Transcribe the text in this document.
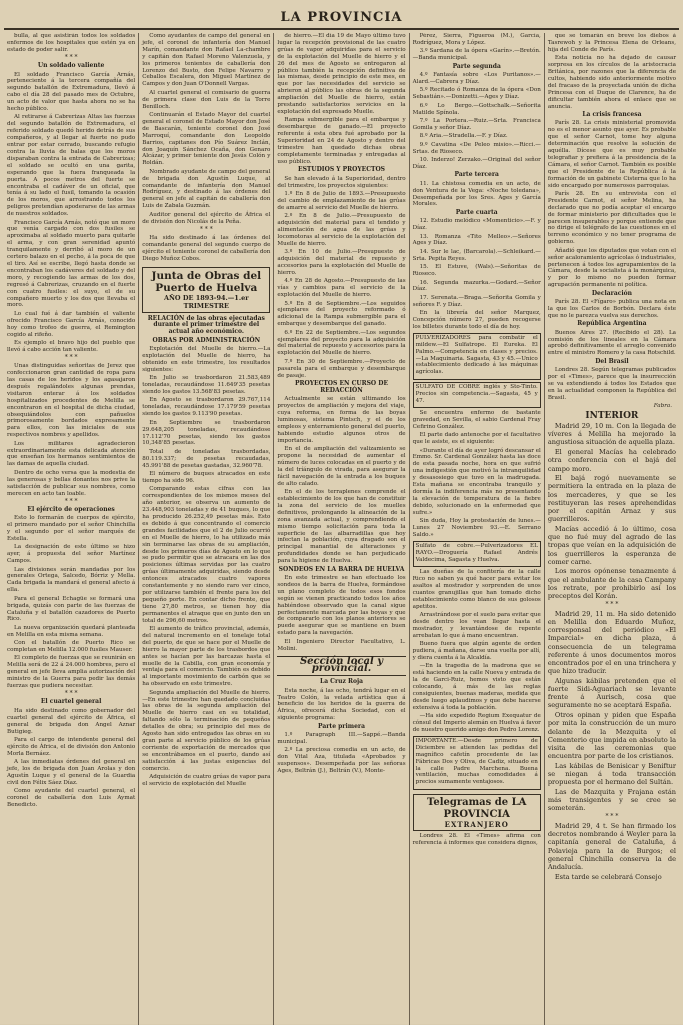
LA PROVINCIA

bulla, al que asistirán todos los soldados enfermos de los hospitales que estén ya en estado de poder salir.

* * *

Un soldado valiente

El soldado Francisco García Arnás, perteneciente á la tercera compañía del segundo batallón de Extremadura, llevó á cabo el día 28 del pasado mes de Octubre, un acto de valor que hasta ahora no se ha hecho público.

Al retirarse á Cabrerizas Altas las fuerzas del segundo batallón de Extremadura, el referido soldado quedó herido detrás de sus compañeros, y al llegar al fuerte no pudo entrar por estar cerrado, buscando refugio contra la lluvia de balas que los moros disparaban contra la entrada de Cabrerizas; el soldado se ocultó en una garita, esperando que la fuera franqueada la puerta. A pocos metros del fuerte se encontraba el cadáver de un oficial, que tenía á su lado el fusil, tomando la ocasión de los moros, que arrostrando todos los peligros pretendían apoderarse de las armas de nuestros soldados.

Francisco García Arnás, notó que un moro que venía cargado con dos fusiles se aproximaba al soldado muerto para quitarle el arma, y con gran serenidad apuntó tranquilamente y derribó al moro de un certero balazo en el pecho, á la poca de que el tiro. Así se escribe, llegó hasta donde se encontraban los cadáveres del soldado y del moro, y recogiendo las armas de los dos, regresó á Cabrerizas, cruzando en el fuerte con cuatro fusiles: el suyo, el de su compañero muerto y los dos que llevaba el moro.

Lo cual fué á dar también el valiente ofrecido Francisco García Arnás, conocido hoy como trofeo de guerra, el Remington cogido al rifeño.

Es ejemplo el bravo hijo del pueblo que llevó á cabo acción tan valiente.

* * *

Unas distinguidas señoritas de Jerez que confeccionaron gran cantidad de ropa para las casas de los heridos y los agasajaron después regalándoles algunas prendas, visitaron enterar á los soldados hospitalizados procedentes de Melilla se encontraron en el hospital de dicha ciudad, obsequiándolos con pañuelos primorosamente bordados expresamente para ellos, con las iniciales de sus respectivos nombres y apellidos.

Los militares agradecieron extraordinariamente esta delicada atención que enseñan los hermanos sentimientos de las damas de aquella ciudad.

Dentro de ocho versa que la modestia de las generosas y bellas donantes nos prive la satisfacción de publicar sus nombres, como merecen en acto tan loable.

* * *

El ejército de operaciones

Esto lo formarán de cuerpos de ejército, el primero mandado por el señor Chinchilla y el segundo por el señor marqués de Estella.

La designación de este último se hizo ayer, á propuesta del señor Martínez Campos.

Las divisiones serán mandadas por los generales Ortega, Salcedo, Bórriz y Mella. Cada brigada la mandará el general afecto á ella.

Para el general Echagüe se formará una brigada, quizás con parte de las fuerzas de Cataluña y el batallón cazadores de Puerto Rico.

La nueva organización quedará planteada en Melilla en esta misma semana.

Con el batallón de Puerto Rico se completan en Melilla 12.000 fusiles Mauser.

El completo de fuerzas que se reunirán en Melilla será de 22 á 24.000 hombres, pero el general en jefe lleva amplia autorización del ministro de la Guerra para pedir las demás fuerzas que pudiera necesitar.

* * *

El cuartel general

Ha sido destinado como gobernador del cuartel general del ejército de África, el general de brigada don Angel Aznar Butigieg.

Para el cargo de intendente general del ejército de África, el de división don Antonio Morla Bernáez.

A las inmediatas órdenes del general en jefe, los de brigada don Juan Arolas y don Agustín Luque y el general de la Guardia civil don Félix Sáez Díaz.

Como ayudante del cuartel general, el coronel de caballería don Luis Aymat Benedicto.

Como ayudantes de campo del general en jefe, el coronel de infantería don Manuel Marín, comandante don Rafael La-chambre y capitán don Rafael Moreno Valenzuela, y los primeros tenientes de caballería don Lorenzo del Busto, don Felipe Navarro y Ceballos Escalera, don Miguel Martínez de Campos y don Juan O'Donnell Vargas.

Al cuartel general el comisario de guerra de primera clase don Luis de la Torre Benilloch.

Continuarán el Estado Mayor del cuartel general el coronel de Estado Mayor don José de Bascarán, teniente coronel don José Marroquí, comandante don Leopoldo Barrios, capitanes don Pío Suárez Inclán, don Joaquín Sánchez Ocaña, don Genaro Alcázar, y primer teniente don Jesús Colón y Roldán.

Nombrado ayudante de campo del general de brigada don Agustín Luque, al comandante de infantería don Manuel Rodríguez, y destinado á las órdenes del general en jefe al capitán de caballería don Luis de Zabala Guzmán.

Auditor general del ejército de África el de división don Nicolás de la Peña.

* * *

Ha sido destinado á las órdenes del comandante general del segundo cuerpo de ejército el teniente coronel de caballería don Diego Muñoz Cobos.

Junta de Obras del Puerto de Huelva
AÑO DE 1893-94.—1.er TRIMESTRE

RELACIÓN de las obras ejecutadas durante el primer trimestre del actual año económico.

OBRAS POR ADMINISTRACIÓN

Explotación del Muelle de hierro.—La explotación del Muelle de hierro, ha obtenido en este trimestre, los resultados siguientes:

En Julio se trasbordaron 21.583,489 toneladas, recaudándose 11.649'35 pesetas siendo los gastos 13.568'83 pesetas.

En Agosto se trasbordaron 29.767,114 toneladas, recaudándose 17.179'59 pesetas siendo los gastos 9.113'90 pesetas.

En Septiembre se trasbordaron 29.648,205 toneladas, recaudándose 17.112'70 pesetas, siendo los gastos 10,348'85 pesetas.

Total de toneladas trasbordadas, 80.119.337; de pesetas recaudadas, 45.991'88 de pesetas gastadas, 32.960'78.

El número de buques atracados en este tiempo ha sido 96.

Comparando estas cifras con las correspondientes de los mismos meses del año anterior, se observa un aumento de 23.448,903 toneladas y de 41 buques, lo que ha producido 26.252,49 pesetas más. Esto es debido á que concentrando el comercio grandes facilidades que el 2 de Julio ocurrió en el Muelle de hierro, lo ha utilizado más sin terminarse las obras de su ampliación, desde los primeros días de Agosto en lo que se pudo permitir que se atracara en las dos posiciones últimas servidas por las cuatro grúas últimamente adquiridas, siendo desde entonces atracados cuatro vapores constantemente y no siendo raro ver cinco, por utilizarse también el frente para los del pequeño porte. En contar dicho frente, que tiene 27,80 metros, se tienen hoy día permanentes el atraque que en junto den un total de 296,60 metros.

El aumento de tráfico provincial, además, del natural incremento en el tonelaje total del puerto, de que se hace por el Muelle de hierro la mayor parte de los trasbordos que antes se hacían por las barcazas hasta el muelle de la Cabilla, con gran economía y ventaja para el comercio. También es debido al importante movimiento de carbón que se ha observado en este trimestre.

Segunda ampliación del Muelle de hierro.—En este trimestre han quedado concluidas las obras de la segunda ampliación del Muelle de hierro casi en su totalidad, faltando sólo la terminación de pequeños detalles de obra; su principio del mes de Agosto han sido entregados las obras en su gran parte al servicio público de los grúas corriente de exportación de mercados que se encontrábamos en el puerto, dando así satisfacción á las justas exigencias del comercio.

Adquisición de cuatro grúas de vapor para el servicio de explotación del Muelle

de hierro.—El día 19 de Mayo último tuvo lugar la recepción provisional de las cuatro grúas de vapor adquiridas para el servicio de la explotación del Muelle de hierro y el 26 del mes de Agosto se entregaron al público también la recepción definitiva de las mismas, desde principio de este mes, en que por las necesidades del servicio se abrieron al público las obras de la segunda ampliación del Muelle de hierro, están prestando satisfactorios servicios en la explotación del expresado Muelle.

Rampa submergible para el embarque y desembarque de ganado.—El proyecto referente á esta obra fué aprobado por la Superioridad en 24 de Agosto y dentro del trimestre han quedado dichas obras completamente terminadas y entregadas al uso público.

ESTUDIOS Y PROYECTOS

Se han elevado á la Superioridad, dentro del trimestre, los proyectos siguientes:

1.º En 8 de Julio de 1893.—Presupuesto del cambio de emplazamiento de las grúas de amarre al servicio del Muelle de hierro.

2.º En 8 de Julio.—Presupuesto de adquisición del material para el tendido y alimentación de agua de las grúas y locomotoras al servicio de la explotación del Muelle de hierro.

3.º En 10 de Julio.—Presupuesto de adquisición del material de repuesto y accesorios para la explotación del Muelle de hierro.

4.º En 28 de Agosto.—Presupuesto de las vías y cambios para el servicio de la explotación del Muelle de hierro.

5.º En 8 de Septiembre.—Los seguidos ejemplares del proyecto reformado ó adicional de la Rampa submergible para el embarque y desembarque del ganado.

6.º En 22 de Septiembre.—Los segundos ejemplares del proyecto para la adquisición del material de repuesto y accesorios para la explotación del Muelle de hierro.

7.º En 30 de Septiembre.—Proyecto de pasarela para el embarque y desembarque de pasaje.

PROYECTOS EN CURSO DE REDACCIÓN

Actualmente se están ultimando los proyectos de ampliación y mejora del viaje, cuya reforma, en forma de las boyas luminosas, sistema Pintsch, y el de los empleos y enterramiento general del puerto, habiendo estudio algunos otros de importancia.

En el de ampliación del valizamiento se propone la necesidad de aumentar el número de luces colocadas en el puerto y de la del tríángulo de virada, para asegurar la fácil navegación de la entrada a los buques de alto calado.

En el de los terraplenes comprende el establecimiento de los que han de constituir la zona del servicio de los muelles definitivos, prolongando la alineación de la zona avanzada actual, y comprendiendo el mismo tiempo solicitación para toda la superficie de las albarradillas que hoy infectan la población, cuya dragado son el principal manantial de alteraciones y profundidades donde se han perjudicado para la higiene de Huelva.

SONDEOS EN LA BARRA DE HUELVA

En este trimestre se han efectuado los sondeos de la barra de Huelva, formándose un plano completo de todos esos fondos según se vienen practicando todos los años habiéndose observado que la canal sigue perfectamente marcada por las boyas y que de compararlo con los planos anteriores se puede asegurar que se mantiene en buen estado para la navegación.

El Ingeniero Director Facultativo, L. Molini.

Sección local y provincial.

La Cruz Roja

Esta noche, á las ocho, tendrá lugar en el Teatro Colón, la velada artística que á beneficio de los heridos de la guerra de África, ofrecerá dicha Sociedad, con el siguiente programa:

Parte primera

1.º Paragraph III.—Sappé.—Banda municipal.

2.º La preciosa comedia en un acto, de don Vital Aza, titulada «Aprobados y suspensos». Desempeñada por las señoras Ages, Beltrán (J.), Beltrán (V.), Monte-

Pérez, Sierra, Figueroa (M.), García, Rodríguez, Mora y López.

3.º Sardana de la ópera «Garín».—Bretón.—Banda municipal.

Parte segunda

4.º Fantasía sobre «Los Puritanos».—Alard.—Cabrera y Díaz.

5.º Recitado ó Romanza de la ópera «Don Sebastián».—Donizetti.—Ages y Díaz.

6.º Lo Bergo.—Gottschalk.—Señorita Matilde Spínola.

7.º La Portera.—Ruiz.—Srta. Francisca Gomila y señor Díaz.

8.º Aria.—Stradella.—F. y Díaz.

9.º Cavatina «De Peleo misio».—Ricci.—Srtas. de Rioseco.

10. Inderzo! Zerzako.—Original del señor Díaz.

Parte tercera

11. La chistosa comedia en un acto, de don Ventura de la Vega: «Noche toledana», Desempeñada por los Sres. Ages y García Morales.

Parte cuarta

12. Estudio melódico «Momenticio».—F. y Díaz.

13. Romanza «Tito Melleo».—Señores Ages y Díaz.

14. Sur le lac, (Barcarola).—Schleikard.—Srta. Pepita Reyes.

15. El Estuve, (Wals).—Señoritas de Rioseco.

16. Segunda mazurka.—Godard.—Señor Díaz.

17. Serenata.—Braga.—Señorita Gomila y señores F. y Díaz.

En la librería del señor Marquez, Concepción número 27, pueden recogerse los billetes durante todo el día de hoy.

PULVERIZADORES para combatir el mildew.—El Sulfatrope. El Eureka. El Palmo.—Competencia en clases y precios.—La Maquinaria. Sagasta, 43 y 45.—Unico establecimiento dedicado á las máquinas agrícolas.

SULFATO DE COBRE inglés y Sto-Tinto. Precios sin competencia.—Sagasta, 45 y 47.

Se encuentra enfermo de bastante gravedad, en Sevilla, el sabio Cardenal Fray Cefirino González.

El parte dado antenoche por el facultativo que le asiste, es el siguiente:

«Durante el día de ayer logró descansar el Emmo. Sr. Cardenal González hasta las doce de esta pasada noche, hora en que sufrió una indigestión que motivó la intranquilidad y desasosiego que tuvo en la madrugada. Esta mañana se encontraba tranquilo y dormía la indiferencia más no presentando la elevación de temperatura de la fiebre debido, solucionado en la enfermedad que sufre.»

Sin duda, Hoy la protestación de lunes.—Lunes 27 Noviembre 93.—E. Serrano Saldo.»

Sulfato de cobre.—Pulverizadores EL RAYO.—Droguería Rafael Andrés Valdecima, Sagasta y Huelva.

Las dueñas de la confitería de la calle Rico no saben ya qué hacer para evitar los asaltos al mostrador y sorprenden de unos cuantos granujillas que han tomado dicho establecimiento como blanco de sus golosos apetitos.

Arrastrándose por el suelo para evitar que desde dentro los vean llegar hasta el mostrador, y levantándose de repente arrebatan lo que á mano encuentran.

Bueno fuera que algún agente de orden pudiera, á mañana, darse una vuelta por allí, y diera cuenta á la Alcaldía.

—En la tragedia de la madrona que se está haciendo en la calle Nueva y entrada de la de Garci-Ruiz, hemos visto que están colocando, á más de las reglas consiguientes, buenas maderas, medida que desde luego aplaudimos y que debe hacerse extensiva á toda la población.

—Ha sido expedido Regium Exequatur de cónsul del Imperio alemán en Huelva á favor de nuestro querido amigo don Pedro Lorenz.

IMPORTANTE.—Desde primero de Diciembre se atienden las pedidas del magnífico cafetín procedente de las Fábricas Dos y Oliva, de Cadiz, situado en la calle Padre Marchena. Buena ventilación, muchas comodidades á precios sumamente ventajosos.

Telegramas de LA PROVINCIA
EXTRANJERO

Londres 28. El «Times» afirma con referencia á informes que considera dignos,

que se tomarán en breve los diebos á Tasrewoh y la Princesa Elena de Orleans, hija del Conde de París.

Esta noticia no ha dejado de causar sorpresa en los círculos de la aristocracia Británica, por razones que la diferencia de cultos, habiendo sido anteriormente motivo del fracaso de la proyectada unión de dicha Princesa con el Duque de Clarence, ha de dificultar también ahora el enlace que se anuncia.

La crisis francesa

París 28. La crisis ministerial promovida no es el menor asunto que ayer. Es probable que el señor Carnot, tome hoy alguna determinación que resolve la solución de aquélla. Dícese que es muy probable telegrafiar y prefiera á la presidencia de la Cámara, el señor Carnot. También es posible que el Presidente de la República á la formación de un gabinete Cisterna que lo ha sido encargado por numerosos parroquias.

París 28. En su entrevista con el Presidente Carnot, el señor Melina, ha declarado que no podía aceptar el encargo de formar ministerio por dificultades que le parecen insuperables y porque entiende que no dirige el telégrafo de las cuestiones en el terreno económico y no tener programa de gobierno.

Añadió que los diputados que votan con el señor acaloramiento agrícolas ó industriales, pertenecen á todos los agrupamientos de la Cámara, desde la socialista á la monárquica, y por lo mismo no pueden formar agrupación permanente ni política.

Declaración

París 28. El «Fígaro» publica una nota en la que los Carlos de Borbón. Declara éste que no le parezca vuelva sus derechos.

República Argentina

Buenos Aires 27. (Recibido el 28). La comisión de los lineales en la Cámara aprobó definitivamente el arreglo convenido entre el ministro Romero y la casa Rotschild.

Del Brasil

Londres 28. Según telegramas publicados por el «Times», parece que la insurrección se va extendiendo á todos los Estados que en la actualidad componen la República del Brasil.

Fabra.
INTERIOR

Madrid 29, 10 m. Con la llegada de víveres á Melilla ha mejorado la angustiosa situación de aquella plaza.

El general Macías ha celebrado otra conferencia con el bajá del campo moro.

El bajá rogó nuevamente se permitiera la entrada en la plaza de los mercaderes, y que se les restituyeran las reses aprehendidas por el capitán Arnaz y sus guerrilleros.

Macías accedió á lo último, cosa que no fué muy del agrado de las tropas que veían en la adquisición de los guerrilleros la esperanza de comer carne.

Los moros opónense tenazmente á que el ambulante de la casa Campany los retrate, por prohibirlo así los preceptos del Korán.

* * *

Madrid 29, 11 m. Ha sido detenido en Melilla don Eduardo Muñoz, corresponsal del periódico «El Imparcial» en dicha plaza, á consecuencia de un telegrama referente á unos documentos moros encontrados por el en una trinchera y que hizo traducir.

Algunas kábilas pretenden que el fuerte Sidi-Aguariach se levante frente á Aurisch, cosa que seguramente no se aceptará España.

Otros opinan y piden que España por mita la construcción de un muro delante de la Mezquita y el Cementerio que impida en absoluto la visita de las ceremonias que encuentra por parte de los cristianos.

Las kábilas de Benisicar y Beniftur se niegan á toda transacción propuesta por el hermano del Sultán.

Las de Mazquita y Frajana están más transigentes y se cree se someterán.

* * *

Madrid 29, 4 t. Se han firmado los decretos nombrando á Weyler para la capitanía general de Cataluña, á Polavieja para la de Burgos; el general Chinchilla conserva la de Andalucía.

Esta tarde se celebrará Consejo
